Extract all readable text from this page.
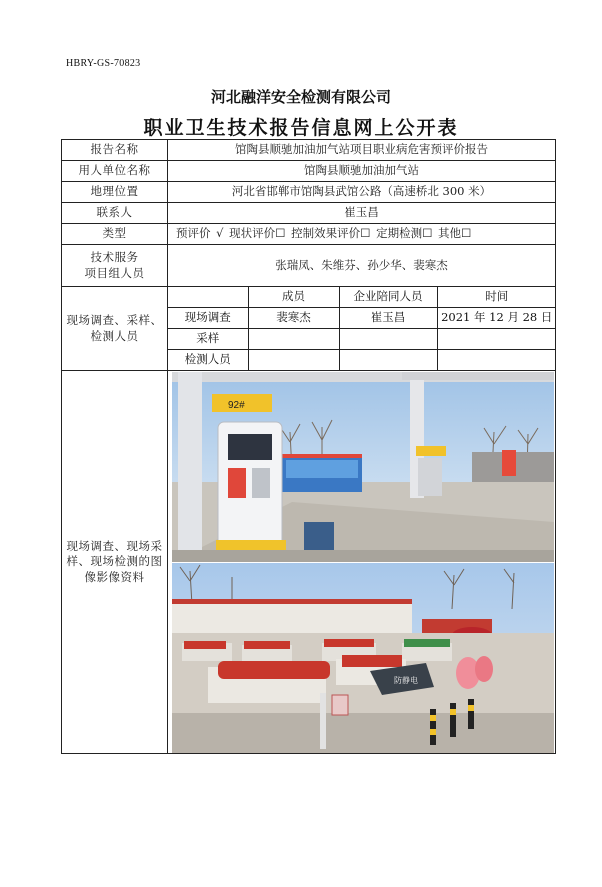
HBRY-GS-70823
河北融洋安全检测有限公司
职业卫生技术报告信息网上公开表
报告名称	馆陶县顺驰加油加气站项目职业病危害预评价报告
用人单位名称	馆陶县顺驰加油加气站
地理位置	河北省邯郸市馆陶县武馆公路（高速桥北 300 米）
联系人	崔玉昌
类型	预评价 √ 现状评价☐ 控制效果评价☐ 定期检测☐ 其他☐

技术服务
项目组人员
	张瑞凤、朱维芬、孙少华、裴寒杰
现场调查、采样、检测人员	
	成员	企业陪同人员	时间
现场调查	裴寒杰	崔玉昌	2021 年 12 月 28 日
采样			
检测人员			

现场调查、现场采样、现场检测的图像影像资料	
92#
防静电
